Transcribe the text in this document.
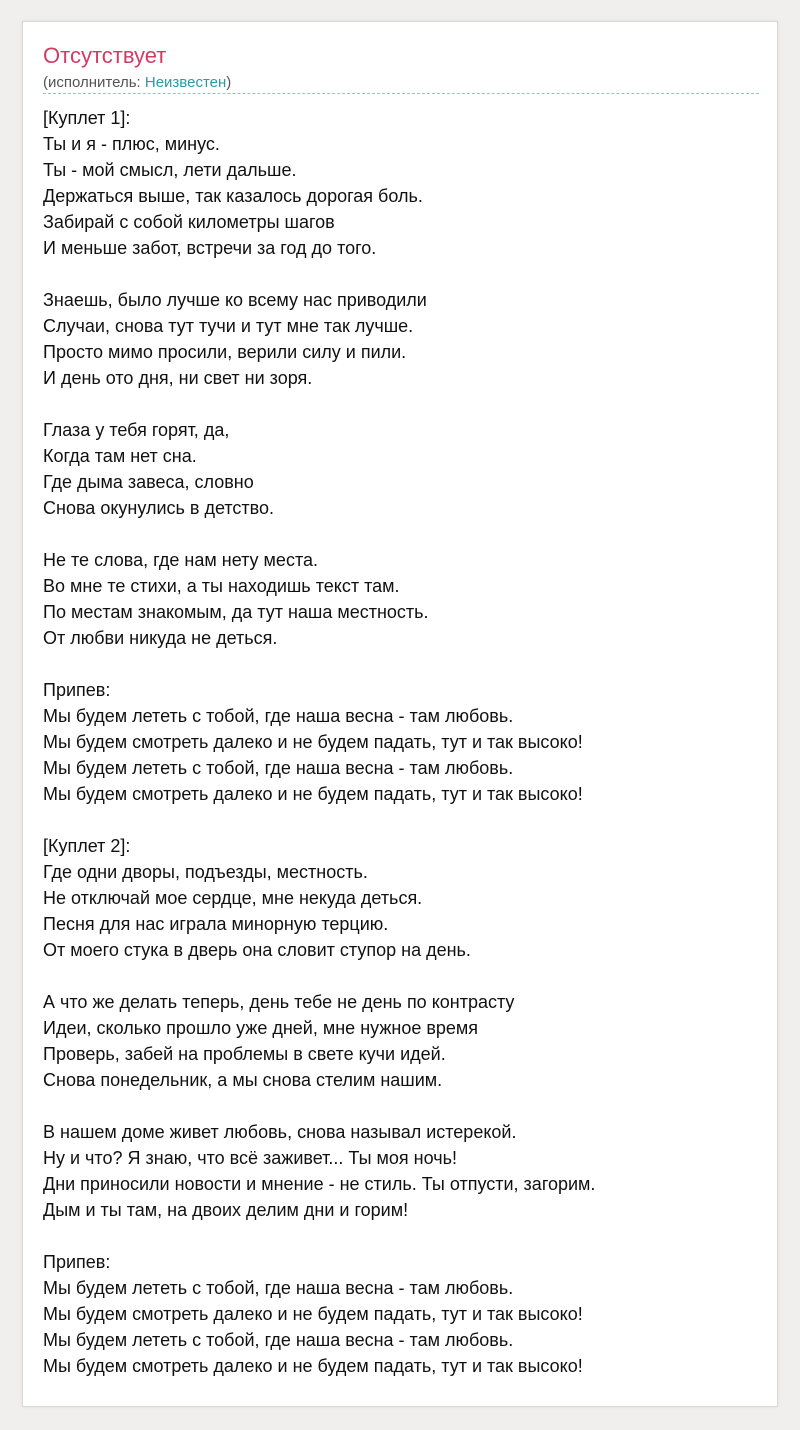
Отсутствует
(исполнитель: Неизвестен)
[Куплет 1]:
Ты и я - плюс, минус.
Ты - мой смысл, лети дальше.
Держаться выше, так казалось дорогая боль.
Забирай с собой километры шагов
И меньше забот, встречи за год до того.
Знаешь, было лучше ко всему нас приводили
Случаи, снова тут тучи и тут мне так лучше.
Просто мимо просили, верили силу и пили.
И день ото дня, ни свет ни зоря.
Глаза у тебя горят, да,
Когда там нет сна.
Где дыма завеса, словно
Снова окунулись в детство.
Не те слова, где нам нету места.
Во мне те стихи, а ты находишь текст там.
По местам знакомым, да тут наша местность.
От любви никуда не деться.
Припев:
Мы будем лететь с тобой, где наша весна - там любовь.
Мы будем смотреть далеко и не будем падать, тут и так высоко!
Мы будем лететь с тобой, где наша весна - там любовь.
Мы будем смотреть далеко и не будем падать, тут и так высоко!
[Куплет 2]:
Где одни дворы, подъезды, местность.
Не отключай мое сердце, мне некуда деться.
Песня для нас играла минорную терцию.
От моего стука в дверь она словит ступор на день.
А что же делать теперь, день тебе не день по контрасту
Идеи, сколько прошло уже дней, мне нужное время
Проверь, забей на проблемы в свете кучи идей.
Снова понедельник, а мы снова стелим нашим.
В нашем доме живет любовь, снова называл истерекой.
Ну и что? Я знаю, что всё заживет... Ты моя ночь!
Дни приносили новости и мнение - не стиль. Ты отпусти, загорим.
Дым и ты там, на двоих делим дни и горим!
Припев:
Мы будем лететь с тобой, где наша весна - там любовь.
Мы будем смотреть далеко и не будем падать, тут и так высоко!
Мы будем лететь с тобой, где наша весна - там любовь.
Мы будем смотреть далеко и не будем падать, тут и так высоко!
